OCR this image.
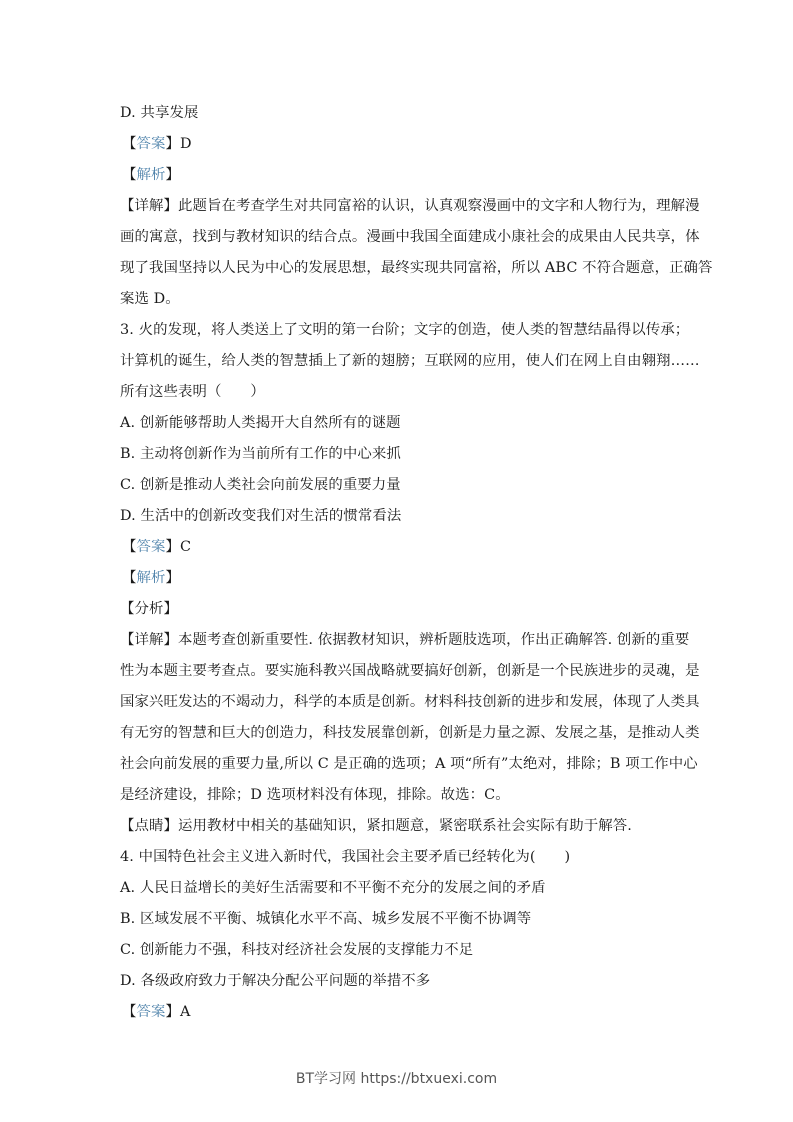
D. 共享发展
【答案】D
【解析】
【详解】此题旨在考查学生对共同富裕的认识，认真观察漫画中的文字和人物行为，理解漫
画的寓意，找到与教材知识的结合点。漫画中我国全面建成小康社会的成果由人民共享，体
现了我国坚持以人民为中心的发展思想，最终实现共同富裕，所以 ABC 不符合题意，正确答
案选 D。
3. 火的发现，将人类送上了文明的第一台阶；文字的创造，使人类的智慧结晶得以传承；
计算机的诞生，给人类的智慧插上了新的翅膀；互联网的应用，使人们在网上自由翱翔……
所有这些表明（　　）
A. 创新能够帮助人类揭开大自然所有的谜题
B. 主动将创新作为当前所有工作的中心来抓
C. 创新是推动人类社会向前发展的重要力量
D. 生活中的创新改变我们对生活的惯常看法
【答案】C
【解析】
【分析】
【详解】本题考查创新重要性. 依据教材知识，辨析题肢选项，作出正确解答. 创新的重要
性为本题主要考查点。要实施科教兴国战略就要搞好创新，创新是一个民族进步的灵魂，是
国家兴旺发达的不竭动力，科学的本质是创新。材料科技创新的进步和发展，体现了人类具
有无穷的智慧和巨大的创造力，科技发展靠创新，创新是力量之源、发展之基，是推动人类
社会向前发展的重要力量,所以 C 是正确的选项；A 项“所有”太绝对，排除；B 项工作中心
是经济建设，排除；D 选项材料没有体现，排除。故选：C。
【点睛】运用教材中相关的基础知识，紧扣题意，紧密联系社会实际有助于解答.
4. 中国特色社会主义进入新时代，我国社会主要矛盾已经转化为(　　)
A. 人民日益增长的美好生活需要和不平衡不充分的发展之间的矛盾
B. 区域发展不平衡、城镇化水平不高、城乡发展不平衡不协调等
C. 创新能力不强，科技对经济社会发展的支撑能力不足
D. 各级政府致力于解决分配公平问题的举措不多
【答案】A
BT学习网 https://btxuexi.com
